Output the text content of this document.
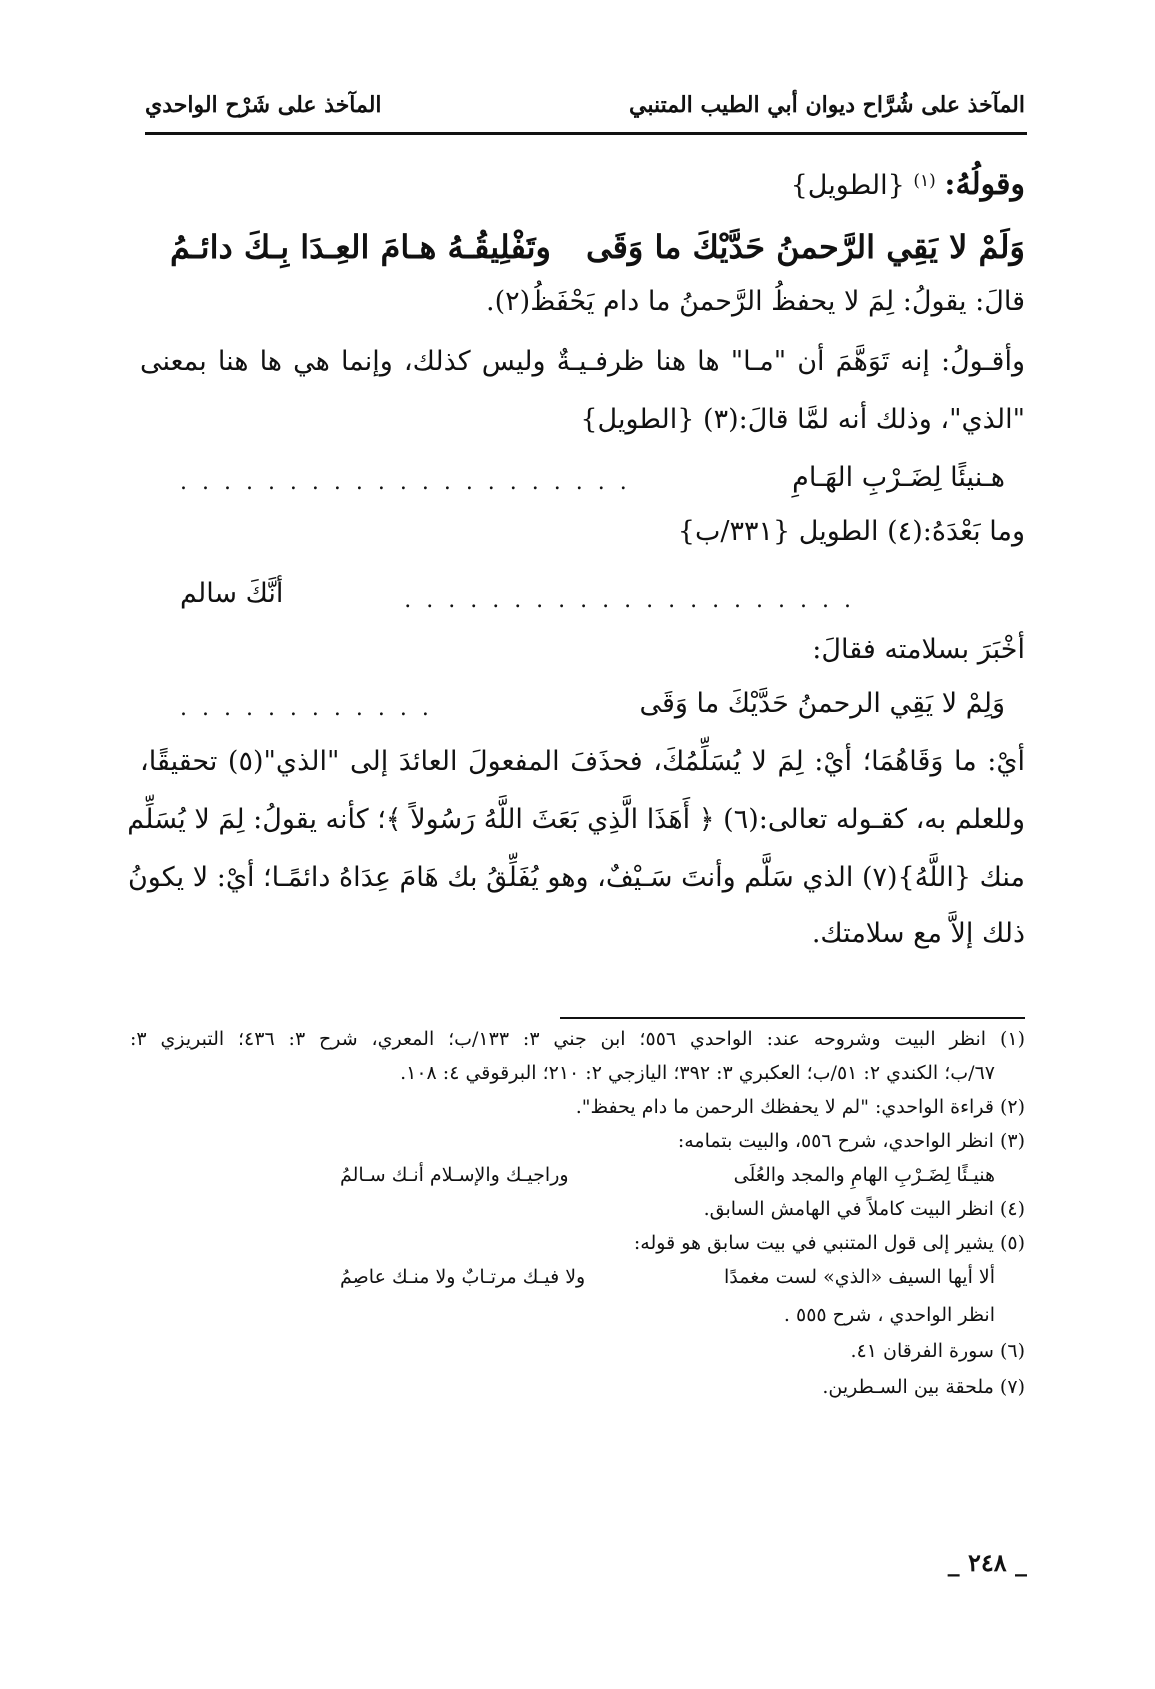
المآخذ على شُرَّاح ديوان أبي الطيب المتنبي
المآخذ على شَرْح الواحدي
وقولُهُ: $^{(١)}$ {الطويل}
وَلَمْ لا يَقِي الرَّحمنُ حَدَّيْكَ ما وَقَى
وتَفْلِيقُـهُ هـامَ العِـدَا بِـكَ دائـمُ
قالَ: يقولُ: لِمَ لا يحفظُ الرَّحمنُ ما دام يَحْفَظُ(٢).
وأقـولُ: إنه تَوَهَّمَ أن "مـا" ها هنا ظرفـيـةٌ وليس كذلك، وإنما هي ها هنا بمعنى
"الذي"، وذلك أنه لمَّا قالَ:(٣) {الطويل}
هـنيئًا لِضَـرْبِ الهَـامِ
. . . . . . . . . . . . . . . . . . . . .
وما بَعْدَهُ:(٤) الطويل {٣٣١/ب}
. . . . . . . . . . . . . . . . . . . . .
أنَّكَ سالم
أخْبَرَ بسلامته فقالَ:
وَلِمْ لا يَقِي الرحمنُ حَدَّيْكَ ما وَقَى
. . . . . . . . . . . .
أيْ: ما وَقَاهُمَا؛ أيْ: لِمَ لا يُسَلِّمُكَ، فحذَفَ المفعولَ العائدَ إلى "الذي"(٥) تحقيقًا،
وللعلم به، كقـوله تعالى:(٦) ﴿ أَهَذَا الَّذِي بَعَثَ اللَّهُ رَسُولاً ﴾؛ كأنه يقولُ: لِمَ لا يُسَلِّم
منك {اللَّهُ}(٧) الذي سَلَّم وأنتَ سَـيْفٌ، وهو يُفَلِّقُ بك هَامَ عِدَاهُ دائمًـا؛ أيْ: لا يكونُ
ذلك إلاَّ مع سلامتك.
(١) انظر البيت وشروحه عند: الواحدي ٥٥٦؛ ابن جني ٣: ١٣٣/ب؛ المعري، شرح ٣: ٤٣٦؛ التبريزي ٣:
٦٧/ب؛ الكندي ٢: ٥١/ب؛ العكبري ٣: ٣٩٢؛ اليازجي ٢: ٢١٠؛ البرقوقي ٤: ١٠٨.
(٢) قراءة الواحدي: "لم لا يحفظك الرحمن ما دام يحفظ".
(٣) انظر الواحدي، شرح ٥٥٦، والبيت بتمامه:
هنيـئًا لِضَـرْبِ الهامِ والمجد والعُلَى
وراجيـك والإسـلام أنـك سـالمُ
(٤) انظر البيت كاملاً في الهامش السابق.
(٥) يشير إلى قول المتنبي في بيت سابق هو قوله:
ألا أيها السيف «الذي» لست مغمدًا
ولا فيـك مرتـابٌ ولا منـك عاصِمُ
انظر الواحدي ، شرح ٥٥٥ .
(٦) سورة الفرقان ٤١.
(٧) ملحقة بين السـطرين.
_ ٢٤٨ _
